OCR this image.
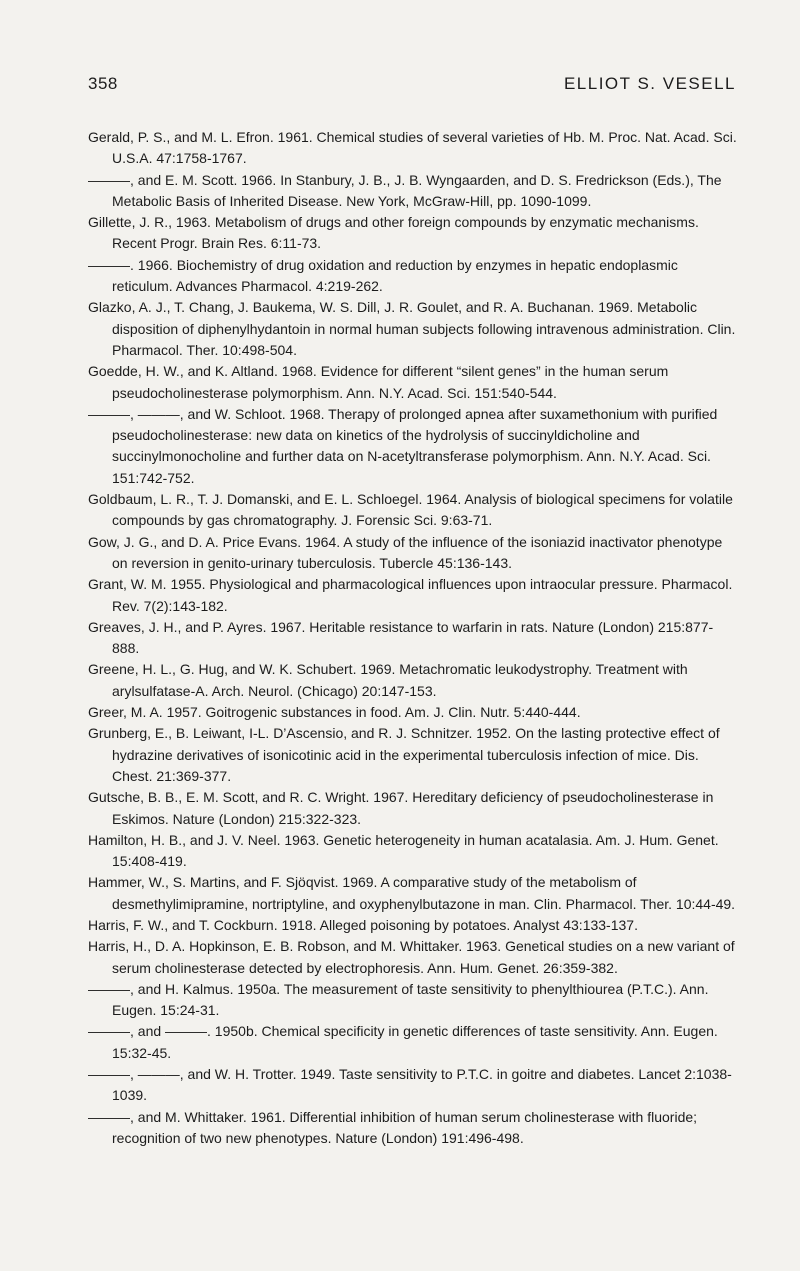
358	ELLIOT S. VESELL

Gerald, P. S., and M. L. Efron. 1961. Chemical studies of several varieties of Hb. M. Proc. Nat. Acad. Sci. U.S.A. 47:1758-1767.

———, and E. M. Scott. 1966. In Stanbury, J. B., J. B. Wyngaarden, and D. S. Fredrickson (Eds.), The Metabolic Basis of Inherited Disease. New York, McGraw-Hill, pp. 1090-1099.

Gillette, J. R., 1963. Metabolism of drugs and other foreign compounds by enzymatic mechanisms. Recent Progr. Brain Res. 6:11-73.

———. 1966. Biochemistry of drug oxidation and reduction by enzymes in hepatic endoplasmic reticulum. Advances Pharmacol. 4:219-262.

Glazko, A. J., T. Chang, J. Baukema, W. S. Dill, J. R. Goulet, and R. A. Buchanan. 1969. Metabolic disposition of diphenylhydantoin in normal human subjects following intravenous administration. Clin. Pharmacol. Ther. 10:498-504.

Goedde, H. W., and K. Altland. 1968. Evidence for different “silent genes” in the human serum pseudocholinesterase polymorphism. Ann. N.Y. Acad. Sci. 151:540-544.

———, ———, and W. Schloot. 1968. Therapy of prolonged apnea after suxamethonium with purified pseudocholinesterase: new data on kinetics of the hydrolysis of succinyldicholine and succinylmonocholine and further data on N-acetyltransferase polymorphism. Ann. N.Y. Acad. Sci. 151:742-752.

Goldbaum, L. R., T. J. Domanski, and E. L. Schloegel. 1964. Analysis of biological specimens for volatile compounds by gas chromatography. J. Forensic Sci. 9:63-71.

Gow, J. G., and D. A. Price Evans. 1964. A study of the influence of the isoniazid inactivator phenotype on reversion in genito-urinary tuberculosis. Tubercle 45:136-143.

Grant, W. M. 1955. Physiological and pharmacological influences upon intraocular pressure. Pharmacol. Rev. 7(2):143-182.

Greaves, J. H., and P. Ayres. 1967. Heritable resistance to warfarin in rats. Nature (London) 215:877-888.

Greene, H. L., G. Hug, and W. K. Schubert. 1969. Metachromatic leukodystrophy. Treatment with arylsulfatase-A. Arch. Neurol. (Chicago) 20:147-153.

Greer, M. A. 1957. Goitrogenic substances in food. Am. J. Clin. Nutr. 5:440-444.

Grunberg, E., B. Leiwant, I-L. D’Ascensio, and R. J. Schnitzer. 1952. On the lasting protective effect of hydrazine derivatives of isonicotinic acid in the experimental tuberculosis infection of mice. Dis. Chest. 21:369-377.

Gutsche, B. B., E. M. Scott, and R. C. Wright. 1967. Hereditary deficiency of pseudocholinesterase in Eskimos. Nature (London) 215:322-323.

Hamilton, H. B., and J. V. Neel. 1963. Genetic heterogeneity in human acatalasia. Am. J. Hum. Genet. 15:408-419.

Hammer, W., S. Martins, and F. Sjöqvist. 1969. A comparative study of the metabolism of desmethylimipramine, nortriptyline, and oxyphenylbutazone in man. Clin. Pharmacol. Ther. 10:44-49.

Harris, F. W., and T. Cockburn. 1918. Alleged poisoning by potatoes. Analyst 43:133-137.

Harris, H., D. A. Hopkinson, E. B. Robson, and M. Whittaker. 1963. Genetical studies on a new variant of serum cholinesterase detected by electrophoresis. Ann. Hum. Genet. 26:359-382.

———, and H. Kalmus. 1950a. The measurement of taste sensitivity to phenylthiourea (P.T.C.). Ann. Eugen. 15:24-31.

———, and ———. 1950b. Chemical specificity in genetic differences of taste sensitivity. Ann. Eugen. 15:32-45.

———, ———, and W. H. Trotter. 1949. Taste sensitivity to P.T.C. in goitre and diabetes. Lancet 2:1038-1039.

———, and M. Whittaker. 1961. Differential inhibition of human serum cholinesterase with fluoride; recognition of two new phenotypes. Nature (London) 191:496-498.
